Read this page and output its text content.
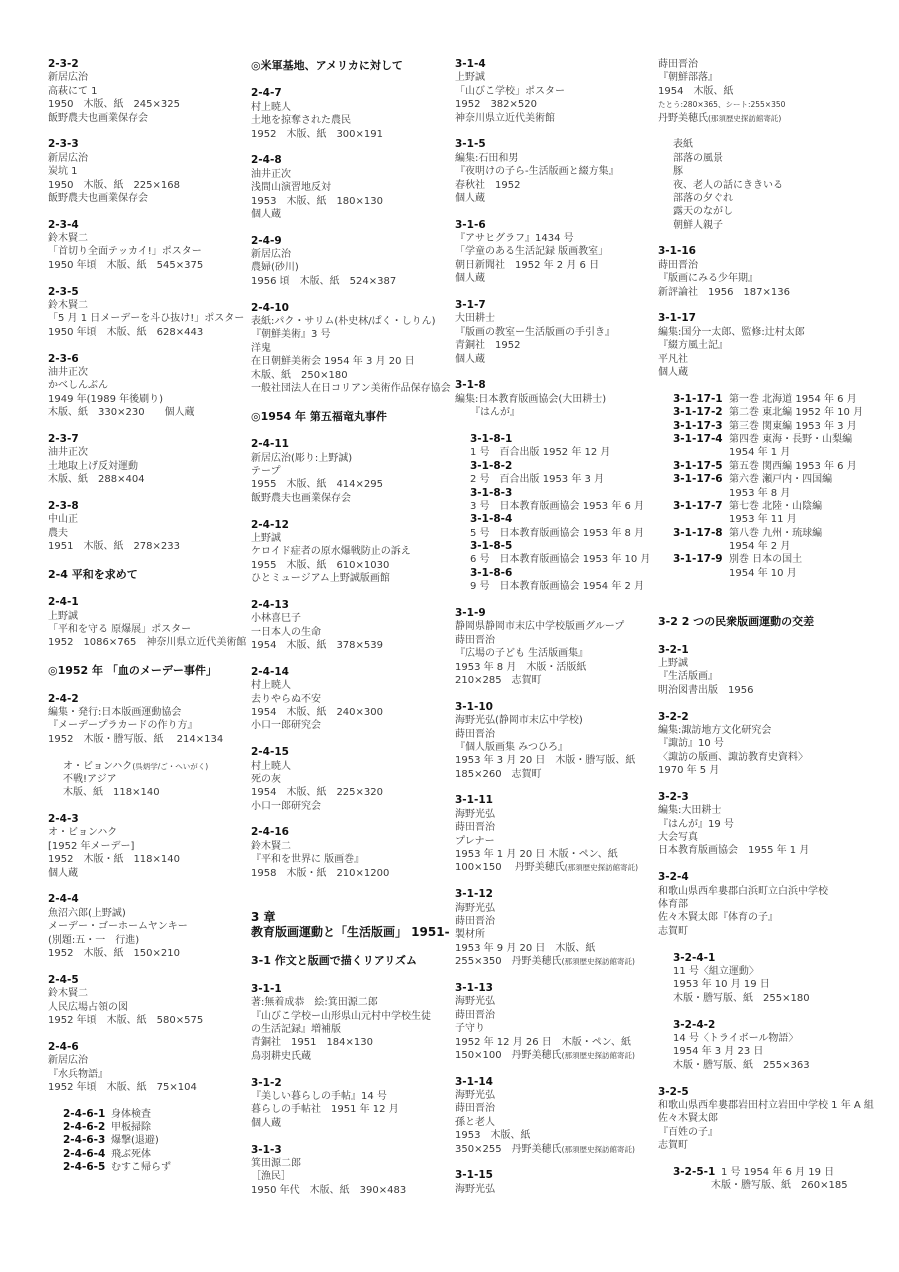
2-3-2
新居広治
高萩にて 1
1950　木版、紙　245×325
飯野農夫也画業保存会
2-3-3
新居広治
炭坑 1
1950　木版、紙　225×168
飯野農夫也画業保存会
2-3-4
鈴木賢二
「首切り全面テッカイ!」ポスター
1950 年頃　木版、紙　545×375
2-3-5
鈴木賢二
「5 月 1 日メーデーを斗ひ抜け!」ポスター
1950 年頃　木版、紙　628×443
2-3-6
油井正次
かべしんぶん
1949 年(1989 年後刷り)
木版、紙　330×230　　個人蔵
2-3-7
油井正次
土地取上げ反対運動
木版、紙　288×404
2-3-8
中山正
農夫
1951　木版、紙　278×233
2-4 平和を求めて
2-4-1
上野誠
「平和を守る 原爆展」ポスター
1952　1086×765　神奈川県立近代美術館
◎1952 年 「血のメーデー事件」
2-4-2
編集・発行:日本版画運動協会
『メーデープラカードの作り方』
1952　木版・謄写版、紙　 214×134
オ・ビョンハク(呉炳学/ご・へいがく)
不戦!アジア
木版、紙　118×140
2-4-3
オ・ビョンハク
[1952 年メーデー]
1952　木版・紙　118×140
個人蔵
2-4-4
魚沼六郎(上野誠)
メーデー・ゴーホームヤンキー
(別題:五・一　行進)
1952　木版、紙　150×210
2-4-5
鈴木賢二
人民広場占領の図
1952 年頃　木版、紙　580×575
2-4-6
新居広治
『水兵物語』
1952 年頃　木版、紙　75×104
2-4-6-1 身体検査
2-4-6-2 甲板掃除
2-4-6-3 爆撃(退避)
2-4-6-4 飛ぶ死体
2-4-6-5 むすこ帰らず
◎米軍基地、アメリカに対して
2-4-7
村上暁人
土地を掠奪された農民
1952　木版、紙　300×191
2-4-8
油井正次
浅間山演習地反対
1953　木版、紙　180×130
個人蔵
2-4-9
新居広治
農婦(砂川)
1956 頃　木版、紙　524×387
2-4-10
表紙:パク・サリム(朴史林/ぱく・しりん)
『朝鮮美術』3 号
洋鬼
在日朝鮮美術会 1954 年 3 月 20 日
木版、紙　250×180
一般社団法人在日コリアン美術作品保存協会
◎1954 年 第五福竜丸事件
2-4-11
新居広治(彫り:上野誠)
テープ
1955　木版、紙　414×295
飯野農夫也画業保存会
2-4-12
上野誠
ケロイド症者の原水爆戦防止の訴え
1955　木版、紙　610×1030
ひとミュージアム上野誠版画館
2-4-13
小林喜巳子
一日本人の生命
1954　木版、紙　378×539
2-4-14
村上暁人
去りやらぬ不安
1954　木版、紙　240×300
小口一郎研究会
2-4-15
村上暁人
死の灰
1954　木版、紙　225×320
小口一郎研究会
2-4-16
鈴木賢二
『平和を世界に 版画巻』
1958　木版・紙　210×1200
3 章
教育版画運動と「生活版画」 1951-
3-1 作文と版画で描くリアリズム
3-1-1
著:無着成恭　絵:箕田源二郎
『山びこ学校ー山形県山元村中学校生徒
の生活記録』増補版
青銅社　1951　184×130
鳥羽耕史氏蔵
3-1-2
『美しい暮らしの手帖』14 号
暮らしの手帖社　1951 年 12 月
個人蔵
3-1-3
箕田源二郎
［漁民］
1950 年代　木版、紙　390×483
3-1-4
上野誠
「山びこ学校」ポスター
1952　382×520
神奈川県立近代美術館
3-1-5
編集:石田和男
『夜明けの子ら-生活版画と綴方集』
春秋社　1952
個人蔵
3-1-6
『アサヒグラフ』1434 号
「学童のある生活記録 版画教室」
朝日新聞社　1952 年 2 月 6 日
個人蔵
3-1-7
大田耕士
『版画の教室ー生活版画の手引き』
青銅社　1952
個人蔵
3-1-8
編集:日本教育版画協会(大田耕士)
　　『はんが』
3-1-8-1
1 号　百合出版 1952 年 12 月
3-1-8-2
2 号　百合出版 1953 年 3 月
3-1-8-3
3 号　日本教育版画協会 1953 年 6 月
3-1-8-4
5 号　日本教育版画協会 1953 年 8 月
3-1-8-5
6 号　日本教育版画協会 1953 年 10 月
3-1-8-6
9 号　日本教育版画協会 1954 年 2 月
3-1-9
静岡県静岡市末広中学校版画グループ
蒔田晋治
『広場の子ども 生活版画集』
1953 年 8 月　木版・活版紙
210×285　志賀町
3-1-10
海野光弘(静岡市末広中学校)
蒔田晋治
『個人版画集 みつひろ』
1953 年 3 月 20 日　木版・謄写版、紙
185×260　志賀町
3-1-11
海野光弘
蒔田晋治
プレナー
1953 年 1 月 20 日 木版・ペン、紙
100×150　 丹野美穂氏(那須歴史探訪館寄託)
3-1-12
海野光弘
蒔田晋治
製材所
1953 年 9 月 20 日　木版、紙
255×350　丹野美穂氏(那須歴史探訪館寄託)
3-1-13
海野光弘
蒔田晋治
子守り
1952 年 12 月 26 日　木版・ペン、紙
150×100　丹野美穂氏(那須歴史探訪館寄託)
3-1-14
海野光弘
蒔田晋治
孫と老人
1953　木版、紙
350×255　丹野美穂氏(那須歴史探訪館寄託)
3-1-15
海野光弘
蒔田晋治
『朝鮮部落』
1954　木版、紙
たとう:280×365、シート:255×350
丹野美穂氏(那須歴史探訪館寄託)
表紙
部落の風景
豚
夜、老人の話にききいる
部落の夕ぐれ
露天のながし
朝鮮人親子
3-1-16
蒔田晋治
『版画にみる少年期』
新評論社　1956　187×136
3-1-17
編集:国分一太郎、監修:辻村太郎
『綴方風土記』
平凡社
個人蔵
3-1-17-1 第一巻 北海道 1954 年 6 月
3-1-17-2 第二巻 東北編 1952 年 10 月
3-1-17-3 第三巻 関東編 1953 年 3 月
3-1-17-4 第四巻 東海・長野・山梨編
1954 年 1 月
3-1-17-5 第五巻 関西編 1953 年 6 月
3-1-17-6 第六巻 瀬戸内・四国編
1953 年 8 月
3-1-17-7 第七巻 北陸・山陰編
1953 年 11 月
3-1-17-8 第八巻 九州・琉球編
1954 年 2 月
3-1-17-9 別巻 日本の国土
1954 年 10 月
3-2 2 つの民衆版画運動の交差
3-2-1
上野誠
『生活版画』
明治図書出版　1956
3-2-2
編集:諏訪地方文化研究会
『諏訪』10 号
〈諏訪の版画、諏訪教育史資料〉
1970 年 5 月
3-2-3
編集:大田耕士
『はんが』19 号
大会写真
日本教育版画協会　1955 年 1 月
3-2-4
和歌山県西牟婁郡白浜町立白浜中学校
体育部
佐々木賢太郎『体育の子』
志賀町
3-2-4-1
11 号〈組立運動〉
1953 年 10 月 19 日
木版・謄写版、紙　255×180
3-2-4-2
14 号〈トライボール物語〉
1954 年 3 月 23 日
木版・謄写版、紙　255×363
3-2-5
和歌山県西牟婁郡岩田村立岩田中学校 1 年 A 組
佐々木賢太郎
『百姓の子』
志賀町
3-2-5-1 1 号 1954 年 6 月 19 日
木版・謄写版、紙　260×185
